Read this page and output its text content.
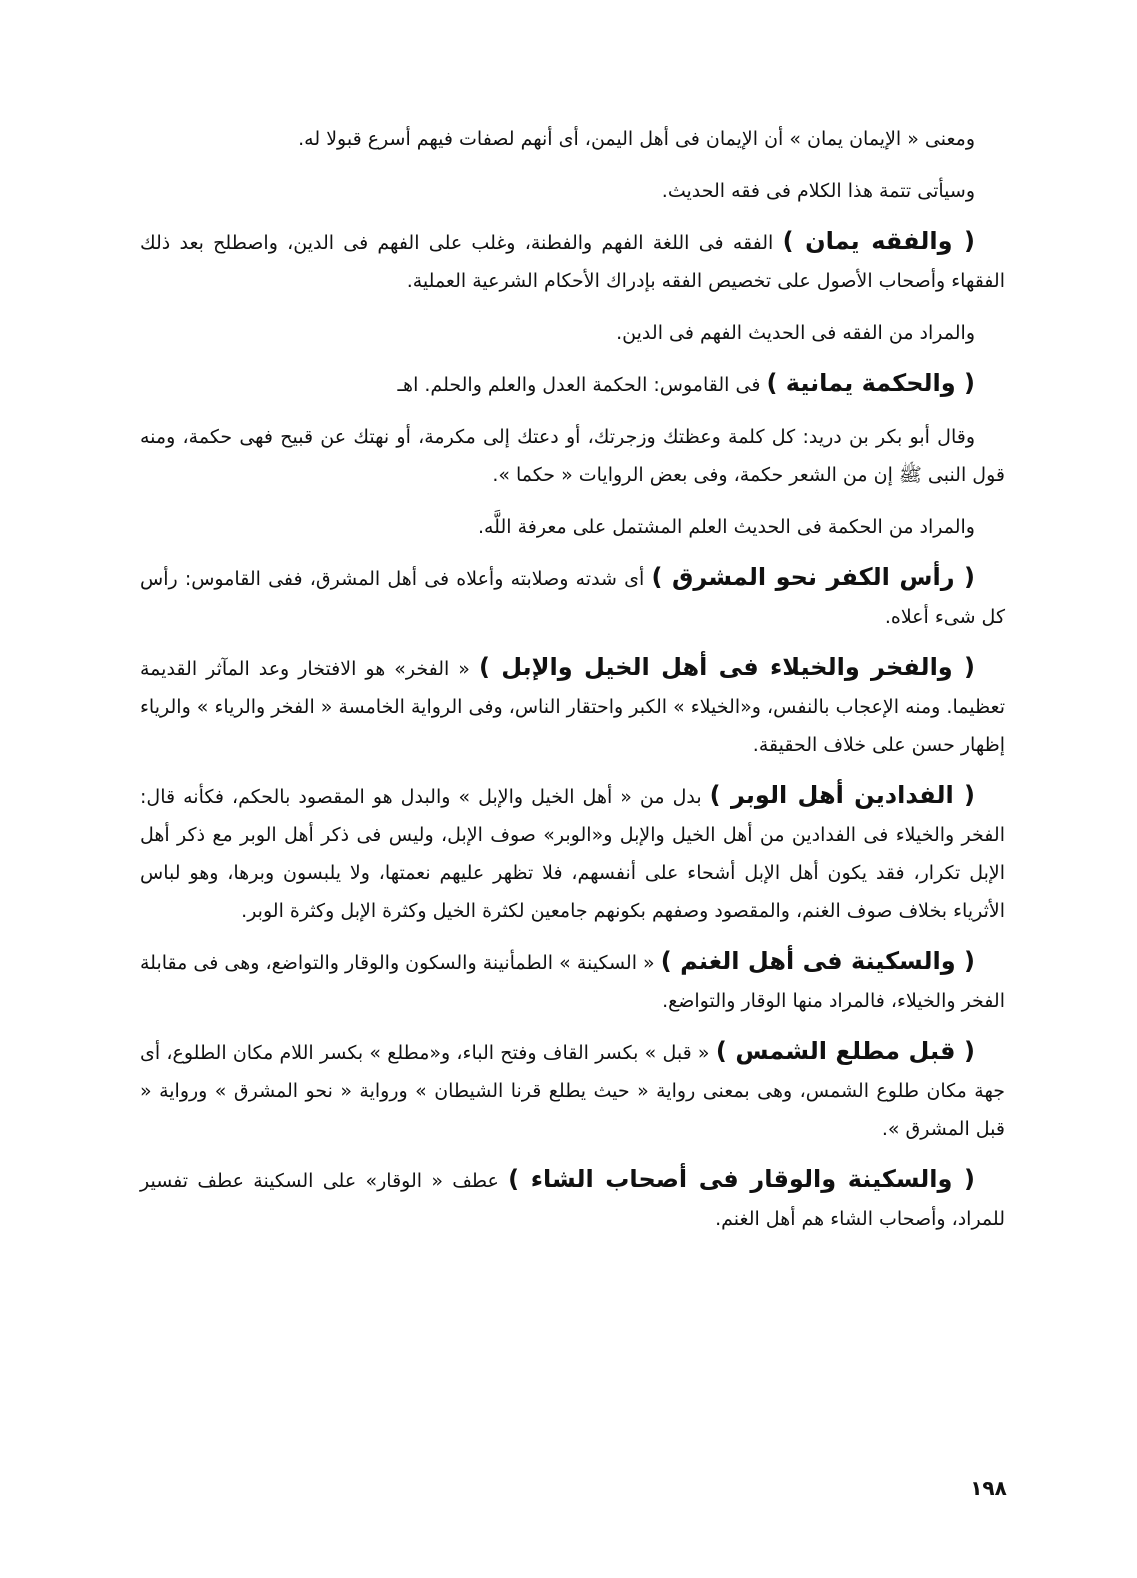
ومعنى « الإيمان يمان » أن الإيمان فى أهل اليمن، أى أنهم لصفات فيهم أسرع قبولا له.

وسيأتى تتمة هذا الكلام فى فقه الحديث.

( والفقه يمان ) الفقه فى اللغة الفهم والفطنة، وغلب على الفهم فى الدين، واصطلح بعد ذلك الفقهاء وأصحاب الأصول على تخصيص الفقه بإدراك الأحكام الشرعية العملية.

والمراد من الفقه فى الحديث الفهم فى الدين.

( والحكمة يمانية ) فى القاموس: الحكمة العدل والعلم والحلم. اهـ

وقال أبو بكر بن دريد: كل كلمة وعظتك وزجرتك، أو دعتك إلى مكرمة، أو نهتك عن قبيح فهى حكمة، ومنه قول النبى ﷺ إن من الشعر حكمة، وفى بعض الروايات « حكما ».

والمراد من الحكمة فى الحديث العلم المشتمل على معرفة اللَّه.

( رأس الكفر نحو المشرق ) أى شدته وصلابته وأعلاه فى أهل المشرق، ففى القاموس: رأس كل شىء أعلاه.

( والفخر والخيلاء فى أهل الخيل والإبل ) « الفخر» هو الافتخار وعد المآثر القديمة تعظيما. ومنه الإعجاب بالنفس، و«الخيلاء » الكبر واحتقار الناس، وفى الرواية الخامسة « الفخر والرياء » والرياء إظهار حسن على خلاف الحقيقة.

( الفدادين أهل الوبر ) بدل من « أهل الخيل والإبل » والبدل هو المقصود بالحكم، فكأنه قال: الفخر والخيلاء فى الفدادين من أهل الخيل والإبل و«الوبر» صوف الإبل، وليس فى ذكر أهل الوبر مع ذكر أهل الإبل تكرار، فقد يكون أهل الإبل أشحاء على أنفسهم، فلا تظهر عليهم نعمتها، ولا يلبسون وبرها، وهو لباس الأثرياء بخلاف صوف الغنم، والمقصود وصفهم بكونهم جامعين لكثرة الخيل وكثرة الإبل وكثرة الوبر.

( والسكينة فى أهل الغنم ) « السكينة » الطمأنينة والسكون والوقار والتواضع، وهى فى مقابلة الفخر والخيلاء، فالمراد منها الوقار والتواضع.

( قبل مطلع الشمس ) « قبل » بكسر القاف وفتح الباء، و«مطلع » بكسر اللام مكان الطلوع، أى جهة مكان طلوع الشمس، وهى بمعنى رواية « حيث يطلع قرنا الشيطان » ورواية « نحو المشرق » ورواية « قبل المشرق ».

( والسكينة والوقار فى أصحاب الشاء ) عطف « الوقار» على السكينة عطف تفسير للمراد، وأصحاب الشاء هم أهل الغنم.

١٩٨
